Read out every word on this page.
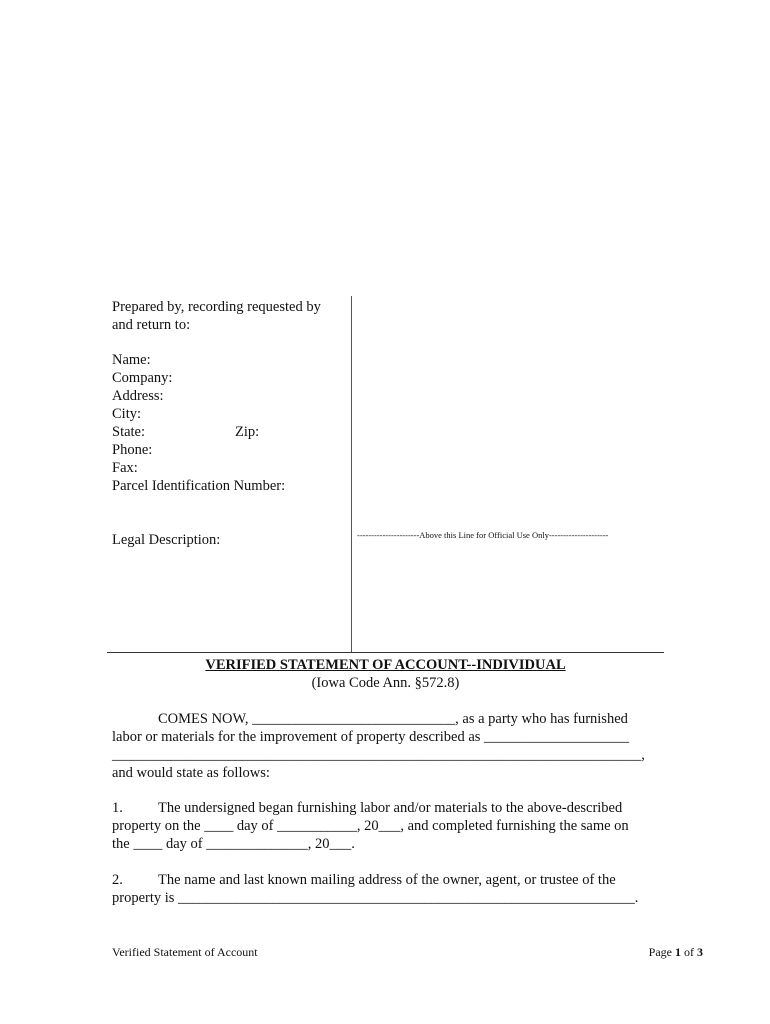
Prepared by, recording requested by
and return to:
Name:
Company:
Address:
City:
State:	Zip:
Phone:
Fax:
Parcel Identification Number:
Legal Description:	----------------------Above this Line for Official Use Only---------------------
VERIFIED STATEMENT OF ACCOUNT--INDIVIDUAL
(Iowa Code Ann. §572.8)
COMES NOW, ____________________________, as a party who has furnished
labor or materials for the improvement of property described as ____________________
_________________________________________________________________________,
and would state as follows:
1. The undersigned began furnishing labor and/or materials to the above-described
property on the ____ day of ___________, 20___, and completed furnishing the same on
the ____ day of ______________, 20___.
2. The name and last known mailing address of the owner, agent, or trustee of the
property is _______________________________________________________________.
Verified Statement of Account	Page 1 of 3
